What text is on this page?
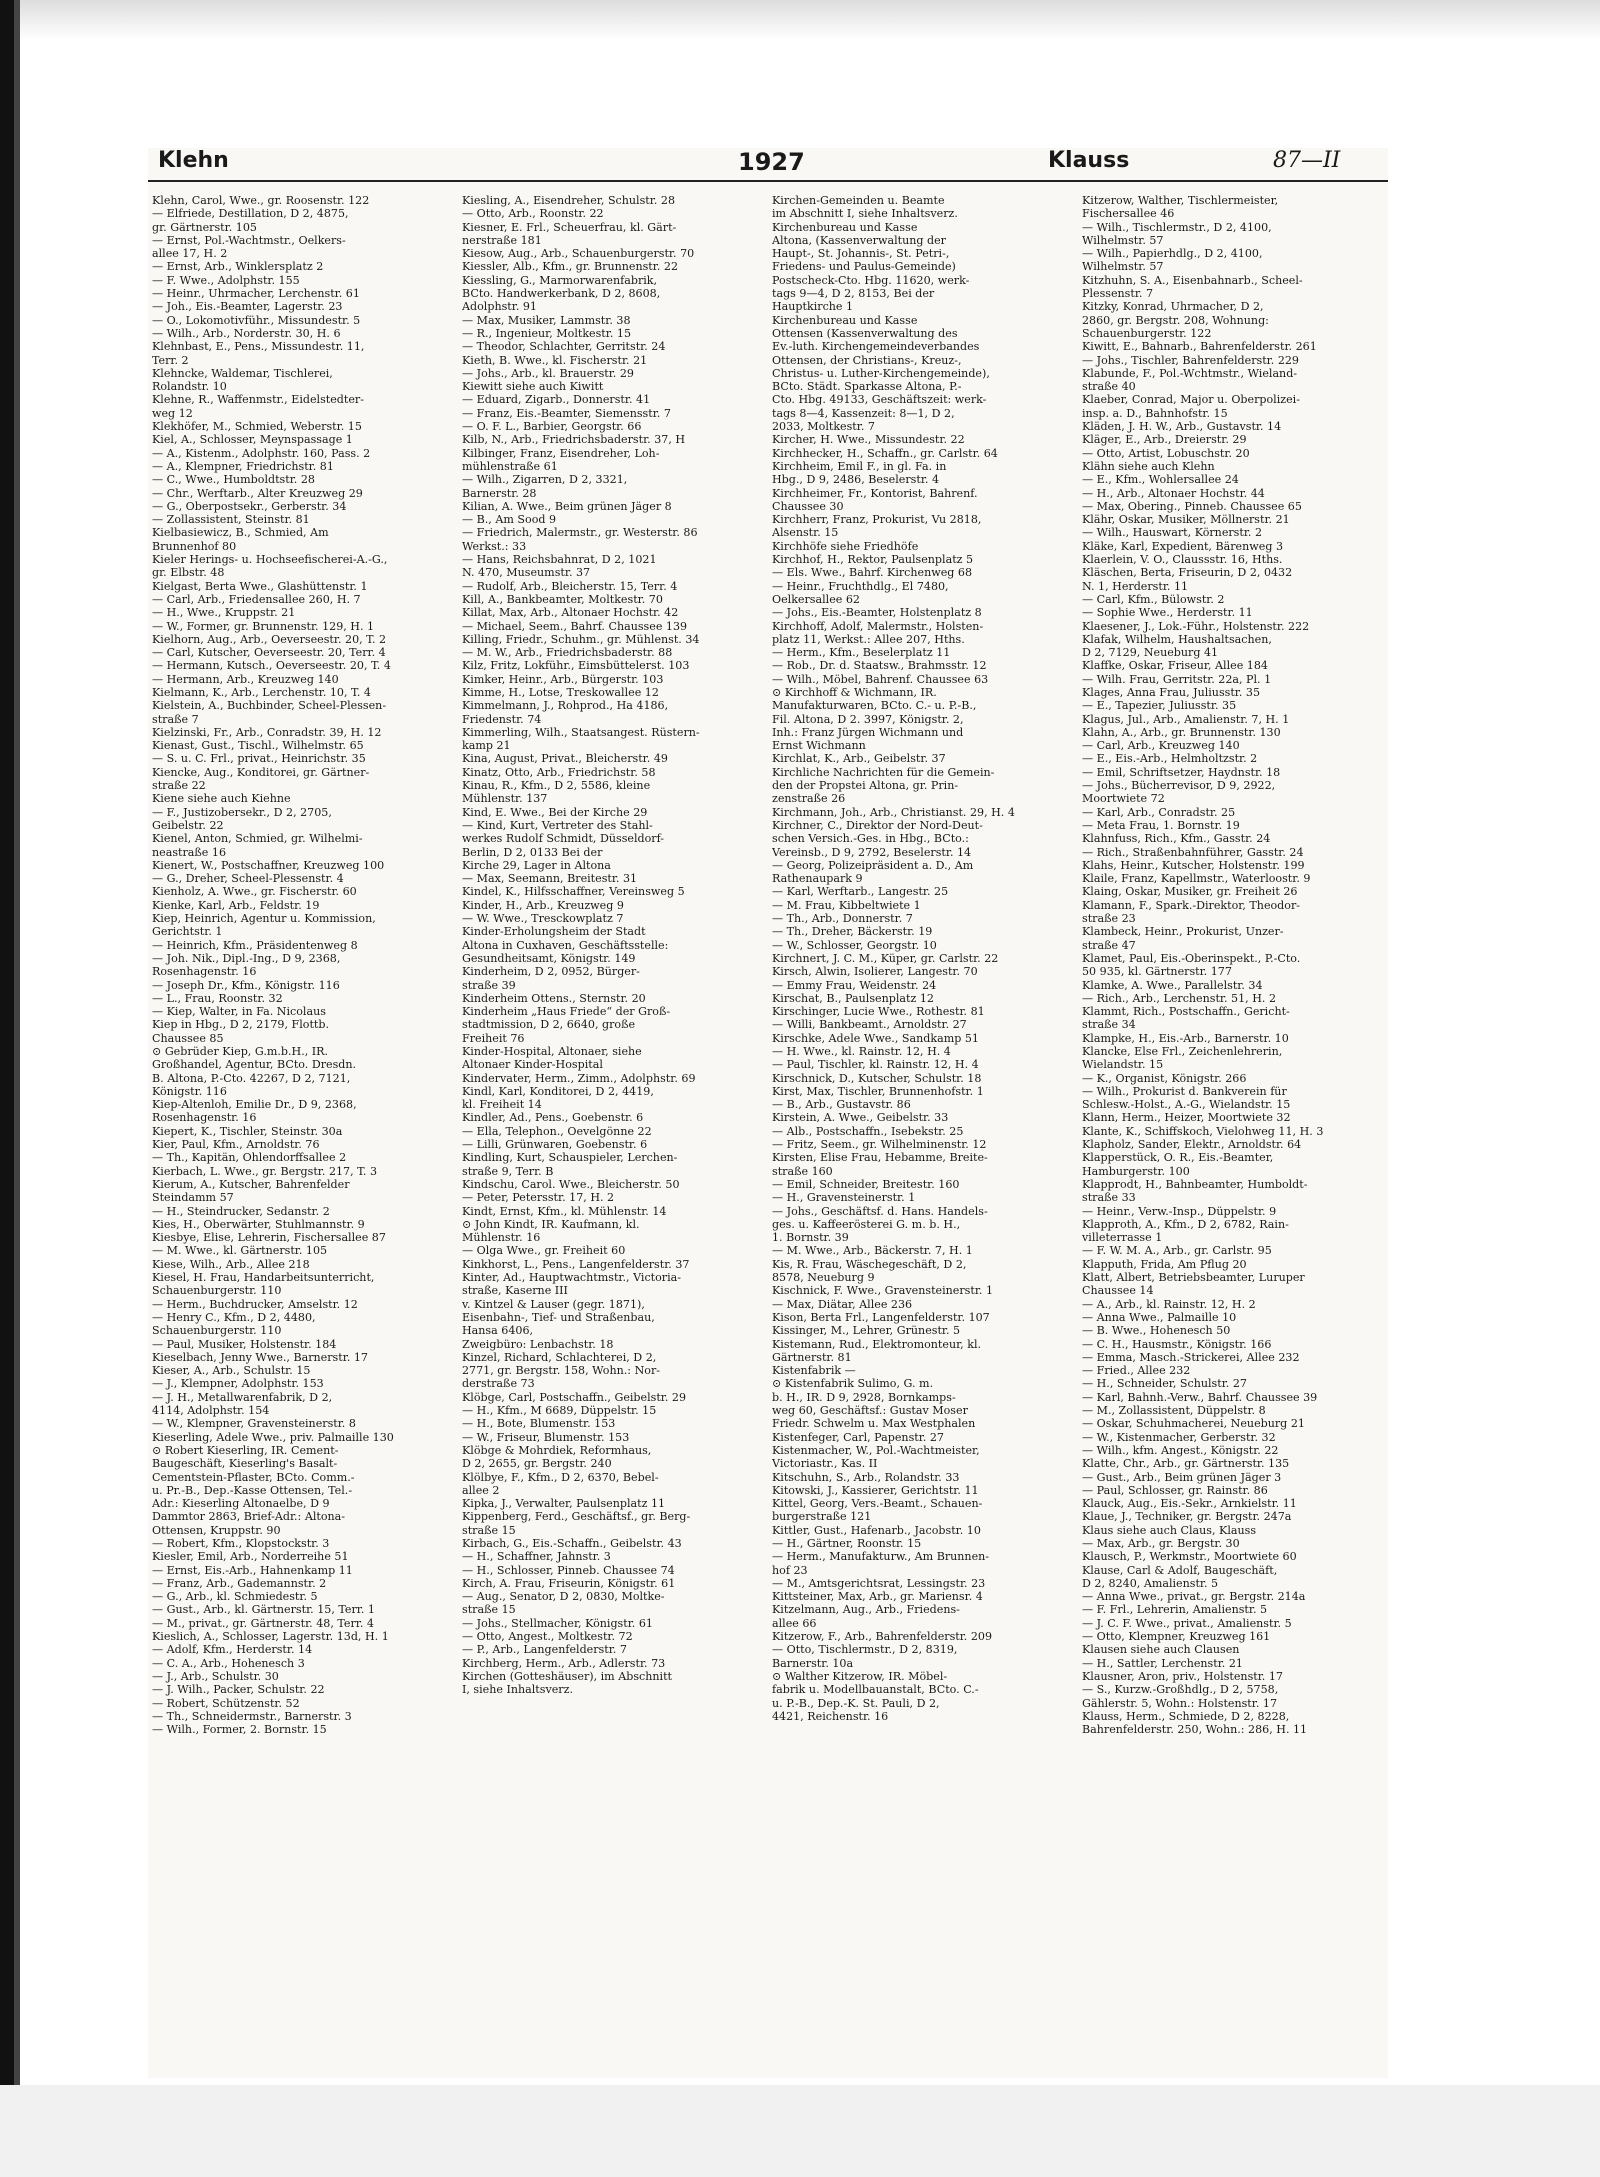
Klehn	1927	Klauss	87—II

Klehn, Carol, Wwe., gr. Roosenstr. 122

— Elfriede, Destillation, D 2, 4875,

gr. Gärtnerstr. 105

— Ernst, Pol.-Wachtmstr., Oelkers-

allee 17, H. 2

— Ernst, Arb., Winklersplatz 2

— F. Wwe., Adolphstr. 155

— Heinr., Uhrmacher, Lerchenstr. 61

— Joh., Eis.-Beamter, Lagerstr. 23

— O., Lokomotivführ., Missundestr. 5

— Wilh., Arb., Norderstr. 30, H. 6

Klehnbast, E., Pens., Missundestr. 11,

Terr. 2

Klehncke, Waldemar, Tischlerei,

Rolandstr. 10

Klehne, R., Waffenmstr., Eidelstedter-

weg 12

Klekhöfer, M., Schmied, Weberstr. 15

Kiel, A., Schlosser, Meynspassage 1

— A., Kistenm., Adolphstr. 160, Pass. 2

— A., Klempner, Friedrichstr. 81

— C., Wwe., Humboldtstr. 28

— Chr., Werftarb., Alter Kreuzweg 29

— G., Oberpostsekr., Gerberstr. 34

— Zollassistent, Steinstr. 81

Kielbasiewicz, B., Schmied, Am

Brunnenhof 80

Kieler Herings- u. Hochseefischerei-A.-G.,

gr. Elbstr. 48

Kielgast, Berta Wwe., Glashüttenstr. 1

— Carl, Arb., Friedensallee 260, H. 7

— H., Wwe., Kruppstr. 21

— W., Former, gr. Brunnenstr. 129, H. 1

Kielhorn, Aug., Arb., Oeverseestr. 20, T. 2

— Carl, Kutscher, Oeverseestr. 20, Terr. 4

— Hermann, Kutsch., Oeverseestr. 20, T. 4

— Hermann, Arb., Kreuzweg 140

Kielmann, K., Arb., Lerchenstr. 10, T. 4

Kielstein, A., Buchbinder, Scheel-Plessen-

straße 7

Kielzinski, Fr., Arb., Conradstr. 39, H. 12

Kienast, Gust., Tischl., Wilhelmstr. 65

— S. u. C. Frl., privat., Heinrichstr. 35

Kiencke, Aug., Konditorei, gr. Gärtner-

straße 22

Kiene siehe auch Kiehne

— F., Justizobersekr., D 2, 2705,

Geibelstr. 22

Kienel, Anton, Schmied, gr. Wilhelmi-

neastraße 16

Kienert, W., Postschaffner, Kreuzweg 100

— G., Dreher, Scheel-Plessenstr. 4

Kienholz, A. Wwe., gr. Fischerstr. 60

Kienke, Karl, Arb., Feldstr. 19

Kiep, Heinrich, Agentur u. Kommission,

Gerichtstr. 1

— Heinrich, Kfm., Präsidentenweg 8

— Joh. Nik., Dipl.-Ing., D 9, 2368,

Rosenhagenstr. 16

— Joseph Dr., Kfm., Königstr. 116

— L., Frau, Roonstr. 32

— Kiep, Walter, in Fa. Nicolaus

Kiep in Hbg., D 2, 2179, Flottb.

Chaussee 85

⊙ Gebrüder Kiep, G.m.b.H., IR.

Großhandel, Agentur, BCto. Dresdn.

B. Altona, P.-Cto. 42267, D 2, 7121,

Königstr. 116

Kiep-Altenloh, Emilie Dr., D 9, 2368,

Rosenhagenstr. 16

Kiepert, K., Tischler, Steinstr. 30a

Kier, Paul, Kfm., Arnoldstr. 76

— Th., Kapitän, Ohlendorffsallee 2

Kierbach, L. Wwe., gr. Bergstr. 217, T. 3

Kierum, A., Kutscher, Bahrenfelder

Steindamm 57

— H., Steindrucker, Sedanstr. 2

Kies, H., Oberwärter, Stuhlmannstr. 9

Kiesbye, Elise, Lehrerin, Fischersallee 87

— M. Wwe., kl. Gärtnerstr. 105

Kiese, Wilh., Arb., Allee 218

Kiesel, H. Frau, Handarbeitsunterricht,

Schauenburgerstr. 110

— Herm., Buchdrucker, Amselstr. 12

— Henry C., Kfm., D 2, 4480,

Schauenburgerstr. 110

— Paul, Musiker, Holstenstr. 184

Kieselbach, Jenny Wwe., Barnerstr. 17

Kieser, A., Arb., Schulstr. 15

— J., Klempner, Adolphstr. 153

— J. H., Metallwarenfabrik, D 2,

4114, Adolphstr. 154

— W., Klempner, Gravensteinerstr. 8

Kieserling, Adele Wwe., priv. Palmaille 130

⊙ Robert Kieserling, IR. Cement-

Baugeschäft, Kieserling's Basalt-

Cementstein-Pflaster, BCto. Comm.-

u. Pr.-B., Dep.-Kasse Ottensen, Tel.-

Adr.: Kieserling Altonaelbe, D 9

Dammtor 2863, Brief-Adr.: Altona-

Ottensen, Kruppstr. 90

— Robert, Kfm., Klopstockstr. 3

Kiesler, Emil, Arb., Norderreihe 51

— Ernst, Eis.-Arb., Hahnenkamp 11

— Franz, Arb., Gademannstr. 2

— G., Arb., kl. Schmiedestr. 5

— Gust., Arb., kl. Gärtnerstr. 15, Terr. 1

— M., privat., gr. Gärtnerstr. 48, Terr. 4

Kieslich, A., Schlosser, Lagerstr. 13d, H. 1

— Adolf, Kfm., Herderstr. 14

— C. A., Arb., Hohenesch 3

— J., Arb., Schulstr. 30

— J. Wilh., Packer, Schulstr. 22

— Robert, Schützenstr. 52

— Th., Schneidermstr., Barnerstr. 3

— Wilh., Former, 2. Bornstr. 15

Kiesling, A., Eisendreher, Schulstr. 28

— Otto, Arb., Roonstr. 22

Kiesner, E. Frl., Scheuerfrau, kl. Gärt-

nerstraße 181

Kiesow, Aug., Arb., Schauenburgerstr. 70

Kiessler, Alb., Kfm., gr. Brunnenstr. 22

Kiessling, G., Marmorwarenfabrik,

BCto. Handwerkerbank, D 2, 8608,

Adolphstr. 91

— Max, Musiker, Lammstr. 38

— R., Ingenieur, Moltkestr. 15

— Theodor, Schlachter, Gerritstr. 24

Kieth, B. Wwe., kl. Fischerstr. 21

— Johs., Arb., kl. Brauerstr. 29

Kiewitt siehe auch Kiwitt

— Eduard, Zigarb., Donnerstr. 41

— Franz, Eis.-Beamter, Siemensstr. 7

— O. F. L., Barbier, Georgstr. 66

Kilb, N., Arb., Friedrichsbaderstr. 37, H

Kilbinger, Franz, Eisendreher, Loh-

mühlenstraße 61

— Wilh., Zigarren, D 2, 3321,

Barnerstr. 28

Kilian, A. Wwe., Beim grünen Jäger 8

— B., Am Sood 9

— Friedrich, Malermstr., gr. Westerstr. 86

Werkst.: 33

— Hans, Reichsbahnrat, D 2, 1021

N. 470, Museumstr. 37

— Rudolf, Arb., Bleicherstr. 15, Terr. 4

Kill, A., Bankbeamter, Moltkestr. 70

Killat, Max, Arb., Altonaer Hochstr. 42

— Michael, Seem., Bahrf. Chaussee 139

Killing, Friedr., Schuhm., gr. Mühlenst. 34

— M. W., Arb., Friedrichsbaderstr. 88

Kilz, Fritz, Lokführ., Eimsbüttelerst. 103

Kimker, Heinr., Arb., Bürgerstr. 103

Kimme, H., Lotse, Treskowallee 12

Kimmelmann, J., Rohprod., Ha 4186,

Friedenstr. 74

Kimmerling, Wilh., Staatsangest. Rüstern-

kamp 21

Kina, August, Privat., Bleicherstr. 49

Kinatz, Otto, Arb., Friedrichstr. 58

Kinau, R., Kfm., D 2, 5586, kleine

Mühlenstr. 137

Kind, E. Wwe., Bei der Kirche 29

— Kind, Kurt, Vertreter des Stahl-

werkes Rudolf Schmidt, Düsseldorf-

Berlin, D 2, 0133 Bei der

Kirche 29, Lager in Altona

— Max, Seemann, Breitestr. 31

Kindel, K., Hilfsschaffner, Vereinsweg 5

Kinder, H., Arb., Kreuzweg 9

— W. Wwe., Tresckowplatz 7

Kinder-Erholungsheim der Stadt

Altona in Cuxhaven, Geschäftsstelle:

Gesundheitsamt, Königstr. 149

Kinderheim, D 2, 0952, Bürger-

straße 39

Kinderheim Ottens., Sternstr. 20

Kinderheim „Haus Friede“ der Groß-

stadtmission, D 2, 6640, große

Freiheit 76

Kinder-Hospital, Altonaer, siehe

Altonaer Kinder-Hospital

Kindervater, Herm., Zimm., Adolphstr. 69

Kindl, Karl, Konditorei, D 2, 4419,

kl. Freiheit 14

Kindler, Ad., Pens., Goebenstr. 6

— Ella, Telephon., Oevelgönne 22

— Lilli, Grünwaren, Goebenstr. 6

Kindling, Kurt, Schauspieler, Lerchen-

straße 9, Terr. B

Kindschu, Carol. Wwe., Bleicherstr. 50

— Peter, Petersstr. 17, H. 2

Kindt, Ernst, Kfm., kl. Mühlenstr. 14

⊙ John Kindt, IR. Kaufmann, kl.

Mühlenstr. 16

— Olga Wwe., gr. Freiheit 60

Kinkhorst, L., Pens., Langenfelderstr. 37

Kinter, Ad., Hauptwachtmstr., Victoria-

straße, Kaserne III

v. Kintzel & Lauser (gegr. 1871),

Eisenbahn-, Tief- und Straßenbau,

Hansa 6406,

Zweigbüro: Lenbachstr. 18

Kinzel, Richard, Schlachterei, D 2,

2771, gr. Bergstr. 158, Wohn.: Nor-

derstraße 73

Klöbge, Carl, Postschaffn., Geibelstr. 29

— H., Kfm., M 6689, Düppelstr. 15

— H., Bote, Blumenstr. 153

— W., Friseur, Blumenstr. 153

Klöbge & Mohrdiek, Reformhaus,

D 2, 2655, gr. Bergstr. 240

Klölbye, F., Kfm., D 2, 6370, Bebel-

allee 2

Kipka, J., Verwalter, Paulsenplatz 11

Kippenberg, Ferd., Geschäftsf., gr. Berg-

straße 15

Kirbach, G., Eis.-Schaffn., Geibelstr. 43

— H., Schaffner, Jahnstr. 3

— H., Schlosser, Pinneb. Chaussee 74

Kirch, A. Frau, Friseurin, Königstr. 61

— Aug., Senator, D 2, 0830, Moltke-

straße 15

— Johs., Stellmacher, Königstr. 61

— Otto, Angest., Moltkestr. 72

— P., Arb., Langenfelderstr. 7

Kirchberg, Herm., Arb., Adlerstr. 73

Kirchen (Gotteshäuser), im Abschnitt

I, siehe Inhaltsverz.

Kirchen-Gemeinden u. Beamte

im Abschnitt I, siehe Inhaltsverz.

Kirchenbureau und Kasse

Altona, (Kassenverwaltung der

Haupt-, St. Johannis-, St. Petri-,

Friedens- und Paulus-Gemeinde)

Postscheck-Cto. Hbg. 11620, werk-

tags 9—4, D 2, 8153, Bei der

Hauptkirche 1

Kirchenbureau und Kasse

Ottensen (Kassenverwaltung des

Ev.-luth. Kirchengemeindeverbandes

Ottensen, der Christians-, Kreuz-,

Christus- u. Luther-Kirchengemeinde),

BCto. Städt. Sparkasse Altona, P.-

Cto. Hbg. 49133, Geschäftszeit: werk-

tags 8—4, Kassenzeit: 8—1, D 2,

2033, Moltkestr. 7

Kircher, H. Wwe., Missundestr. 22

Kirchhecker, H., Schaffn., gr. Carlstr. 64

Kirchheim, Emil F., in gl. Fa. in

Hbg., D 9, 2486, Beselerstr. 4

Kirchheimer, Fr., Kontorist, Bahrenf.

Chaussee 30

Kirchherr, Franz, Prokurist, Vu 2818,

Alsenstr. 15

Kirchhöfe siehe Friedhöfe

Kirchhof, H., Rektor, Paulsenplatz 5

— Els. Wwe., Bahrf. Kirchenweg 68

— Heinr., Fruchthdlg., El 7480,

Oelkersallee 62

— Johs., Eis.-Beamter, Holstenplatz 8

Kirchhoff, Adolf, Malermstr., Holsten-

platz 11, Werkst.: Allee 207, Hths.

— Herm., Kfm., Beselerplatz 11

— Rob., Dr. d. Staatsw., Brahmsstr. 12

— Wilh., Möbel, Bahrenf. Chaussee 63

⊙ Kirchhoff & Wichmann, IR.

Manufakturwaren, BCto. C.- u. P.-B.,

Fil. Altona, D 2. 3997, Königstr. 2,

Inh.: Franz Jürgen Wichmann und

Ernst Wichmann

Kirchlat, K., Arb., Geibelstr. 37

Kirchliche Nachrichten für die Gemein-

den der Propstei Altona, gr. Prin-

zenstraße 26

Kirchmann, Joh., Arb., Christianst. 29, H. 4

Kirchner, C., Direktor der Nord-Deut-

schen Versich.-Ges. in Hbg., BCto.:

Vereinsb., D 9, 2792, Beselerstr. 14

— Georg, Polizeipräsident a. D., Am

Rathenaupark 9

— Karl, Werftarb., Langestr. 25

— M. Frau, Kibbeltwiete 1

— Th., Arb., Donnerstr. 7

— Th., Dreher, Bäckerstr. 19

— W., Schlosser, Georgstr. 10

Kirchnert, J. C. M., Küper, gr. Carlstr. 22

Kirsch, Alwin, Isolierer, Langestr. 70

— Emmy Frau, Weidenstr. 24

Kirschat, B., Paulsenplatz 12

Kirschinger, Lucie Wwe., Rothestr. 81

— Willi, Bankbeamt., Arnoldstr. 27

Kirschke, Adele Wwe., Sandkamp 51

— H. Wwe., kl. Rainstr. 12, H. 4

— Paul, Tischler, kl. Rainstr. 12, H. 4

Kirschnick, D., Kutscher, Schulstr. 18

Kirst, Max, Tischler, Brunnenhofstr. 1

— B., Arb., Gustavstr. 86

Kirstein, A. Wwe., Geibelstr. 33

— Alb., Postschaffn., Isebekstr. 25

— Fritz, Seem., gr. Wilhelminenstr. 12

Kirsten, Elise Frau, Hebamme, Breite-

straße 160

— Emil, Schneider, Breitestr. 160

— H., Gravensteinerstr. 1

— Johs., Geschäftsf. d. Hans. Handels-

ges. u. Kaffeerösterei G. m. b. H.,

1. Bornstr. 39

— M. Wwe., Arb., Bäckerstr. 7, H. 1

Kis, R. Frau, Wäschegeschäft, D 2,

8578, Neueburg 9

Kischnick, F. Wwe., Gravensteinerstr. 1

— Max, Diätar, Allee 236

Kison, Berta Frl., Langenfelderstr. 107

Kissinger, M., Lehrer, Grünestr. 5

Kistemann, Rud., Elektromonteur, kl.

Gärtnerstr. 81

Kistenfabrik —

⊙ Kistenfabrik Sulimo, G. m.

b. H., IR. D 9, 2928, Bornkamps-

weg 60, Geschäftsf.: Gustav Moser

Friedr. Schwelm u. Max Westphalen

Kistenfeger, Carl, Papenstr. 27

Kistenmacher, W., Pol.-Wachtmeister,

Victoriastr., Kas. II

Kitschuhn, S., Arb., Rolandstr. 33

Kitowski, J., Kassierer, Gerichtstr. 11

Kittel, Georg, Vers.-Beamt., Schauen-

burgerstraße 121

Kittler, Gust., Hafenarb., Jacobstr. 10

— H., Gärtner, Roonstr. 15

— Herm., Manufakturw., Am Brunnen-

hof 23

— M., Amtsgerichtsrat, Lessingstr. 23

Kittsteiner, Max, Arb., gr. Mariensr. 4

Kitzelmann, Aug., Arb., Friedens-

allee 66

Kitzerow, F., Arb., Bahrenfelderstr. 209

— Otto, Tischlermstr., D 2, 8319,

Barnerstr. 10a

⊙ Walther Kitzerow, IR. Möbel-

fabrik u. Modellbauanstalt, BCto. C.-

u. P.-B., Dep.-K. St. Pauli, D 2,

4421, Reichenstr. 16

Kitzerow, Walther, Tischlermeister,

Fischersallee 46

— Wilh., Tischlermstr., D 2, 4100,

Wilhelmstr. 57

— Wilh., Papierhdlg., D 2, 4100,

Wilhelmstr. 57

Kitzhuhn, S. A., Eisenbahnarb., Scheel-

Plessenstr. 7

Kitzky, Konrad, Uhrmacher, D 2,

2860, gr. Bergstr. 208, Wohnung:

Schauenburgerstr. 122

Kiwitt, E., Bahnarb., Bahrenfelderstr. 261

— Johs., Tischler, Bahrenfelderstr. 229

Klabunde, F., Pol.-Wchtmstr., Wieland-

straße 40

Klaeber, Conrad, Major u. Oberpolizei-

insp. a. D., Bahnhofstr. 15

Kläden, J. H. W., Arb., Gustavstr. 14

Kläger, E., Arb., Dreierstr. 29

— Otto, Artist, Lobuschstr. 20

Klähn siehe auch Klehn

— E., Kfm., Wohlersallee 24

— H., Arb., Altonaer Hochstr. 44

— Max, Obering., Pinneb. Chaussee 65

Klähr, Oskar, Musiker, Möllnerstr. 21

— Wilh., Hauswart, Körnerstr. 2

Kläke, Karl, Expedient, Bärenweg 3

Klaerlein, V. O., Claussstr. 16, Hths.

Kläschen, Berta, Friseurin, D 2, 0432

N. 1, Herderstr. 11

— Carl, Kfm., Bülowstr. 2

— Sophie Wwe., Herderstr. 11

Klaesener, J., Lok.-Führ., Holstenstr. 222

Klafak, Wilhelm, Haushaltsachen,

D 2, 7129, Neueburg 41

Klaffke, Oskar, Friseur, Allee 184

— Wilh. Frau, Gerritstr. 22a, Pl. 1

Klages, Anna Frau, Juliusstr. 35

— E., Tapezier, Juliusstr. 35

Klagus, Jul., Arb., Amalienstr. 7, H. 1

Klahn, A., Arb., gr. Brunnenstr. 130

— Carl, Arb., Kreuzweg 140

— E., Eis.-Arb., Helmholtzstr. 2

— Emil, Schriftsetzer, Haydnstr. 18

— Johs., Bücherrevisor, D 9, 2922,

Moortwiete 72

— Karl, Arb., Conradstr. 25

— Meta Frau, 1. Bornstr. 19

Klahnfuss, Rich., Kfm., Gasstr. 24

— Rich., Straßenbahnführer, Gasstr. 24

Klahs, Heinr., Kutscher, Holstenstr. 199

Klaile, Franz, Kapellmstr., Waterloostr. 9

Klaing, Oskar, Musiker, gr. Freiheit 26

Klamann, F., Spark.-Direktor, Theodor-

straße 23

Klambeck, Heinr., Prokurist, Unzer-

straße 47

Klamet, Paul, Eis.-Oberinspekt., P.-Cto.

50 935, kl. Gärtnerstr. 177

Klamke, A. Wwe., Parallelstr. 34

— Rich., Arb., Lerchenstr. 51, H. 2

Klammt, Rich., Postschaffn., Gericht-

straße 34

Klampke, H., Eis.-Arb., Barnerstr. 10

Klancke, Else Frl., Zeichenlehrerin,

Wielandstr. 15

— K., Organist, Königstr. 266

— Wilh., Prokurist d. Bankverein für

Schlesw.-Holst., A.-G., Wielandstr. 15

Klann, Herm., Heizer, Moortwiete 32

Klante, K., Schiffskoch, Vielohweg 11, H. 3

Klapholz, Sander, Elektr., Arnoldstr. 64

Klapperstück, O. R., Eis.-Beamter,

Hamburgerstr. 100

Klapprodt, H., Bahnbeamter, Humboldt-

straße 33

— Heinr., Verw.-Insp., Düppelstr. 9

Klapproth, A., Kfm., D 2, 6782, Rain-

villeterrasse 1

— F. W. M. A., Arb., gr. Carlstr. 95

Klapputh, Frida, Am Pflug 20

Klatt, Albert, Betriebsbeamter, Luruper

Chaussee 14

— A., Arb., kl. Rainstr. 12, H. 2

— Anna Wwe., Palmaille 10

— B. Wwe., Hohenesch 50

— C. H., Hausmstr., Königstr. 166

— Emma, Masch.-Strickerei, Allee 232

— Fried., Allee 232

— H., Schneider, Schulstr. 27

— Karl, Bahnh.-Verw., Bahrf. Chaussee 39

— M., Zollassistent, Düppelstr. 8

— Oskar, Schuhmacherei, Neueburg 21

— W., Kistenmacher, Gerberstr. 32

— Wilh., kfm. Angest., Königstr. 22

Klatte, Chr., Arb., gr. Gärtnerstr. 135

— Gust., Arb., Beim grünen Jäger 3

— Paul, Schlosser, gr. Rainstr. 86

Klauck, Aug., Eis.-Sekr., Arnkielstr. 11

Klaue, J., Techniker, gr. Bergstr. 247a

Klaus siehe auch Claus, Klauss

— Max, Arb., gr. Bergstr. 30

Klausch, P., Werkmstr., Moortwiete 60

Klause, Carl & Adolf, Baugeschäft,

D 2, 8240, Amalienstr. 5

— Anna Wwe., privat., gr. Bergstr. 214a

— F. Frl., Lehrerin, Amalienstr. 5

— J. C. F. Wwe., privat., Amalienstr. 5

— Otto, Klempner, Kreuzweg 161

Klausen siehe auch Clausen

— H., Sattler, Lerchenstr. 21

Klausner, Aron, priv., Holstenstr. 17

— S., Kurzw.-Großhdlg., D 2, 5758,

Gählerstr. 5, Wohn.: Holstenstr. 17

Klauss, Herm., Schmiede, D 2, 8228,

Bahrenfelderstr. 250, Wohn.: 286, H. 11
